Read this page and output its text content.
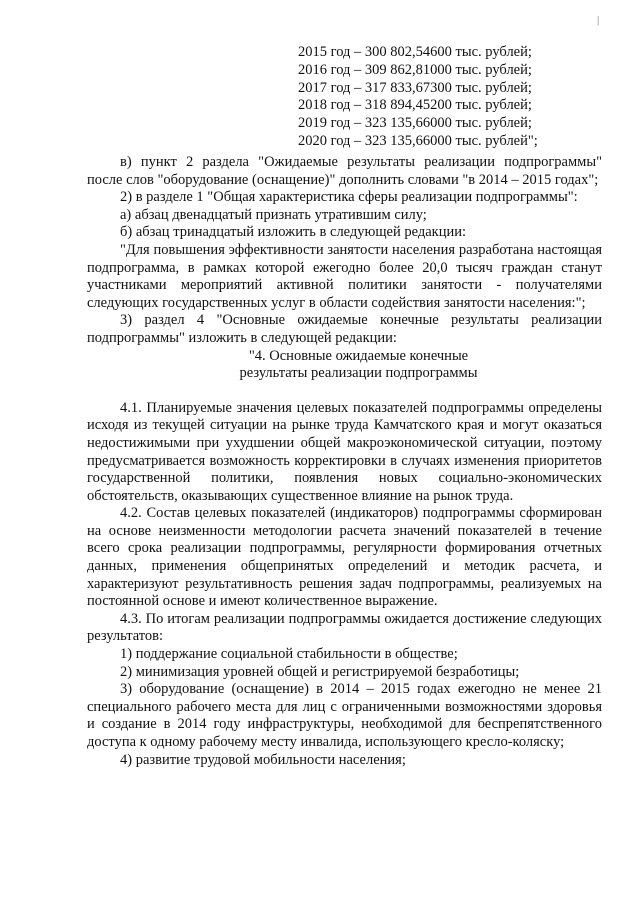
|
2015 год – 300 802,54600 тыс. рублей;
2016 год – 309 862,81000 тыс. рублей;
2017 год – 317 833,67300 тыс. рублей;
2018 год – 318 894,45200 тыс. рублей;
2019 год – 323 135,66000 тыс. рублей;
2020 год – 323 135,66000 тыс. рублей";

в) пункт 2 раздела "Ожидаемые результаты реализации подпрограммы" после слов "оборудование (оснащение)" дополнить словами "в 2014 – 2015 годах";

2) в разделе 1 "Общая характеристика сферы реализации подпрограммы":

а) абзац двенадцатый признать утратившим силу;

б) абзац тринадцатый изложить в следующей редакции:

"Для повышения эффективности занятости населения разработана настоящая подпрограмма, в рамках которой ежегодно более 20,0 тысяч граждан станут участниками мероприятий активной политики занятости - получателями следующих государственных услуг в области содействия занятости населения:";

3) раздел 4 "Основные ожидаемые конечные результаты реализации подпрограммы" изложить в следующей редакции:

"4. Основные ожидаемые конечные

результаты реализации подпрограммы

4.1. Планируемые значения целевых показателей подпрограммы определены исходя из текущей ситуации на рынке труда Камчатского края и могут оказаться недостижимыми при ухудшении общей макроэкономической ситуации, поэтому предусматривается возможность корректировки в случаях изменения приоритетов государственной политики, появления новых социально-экономических обстоятельств, оказывающих существенное влияние на рынок труда.

4.2. Состав целевых показателей (индикаторов) подпрограммы сформирован на основе неизменности методологии расчета значений показателей в течение всего срока реализации подпрограммы, регулярности формирования отчетных данных, применения общепринятых определений и методик расчета, и характеризуют результативность решения задач подпрограммы, реализуемых на постоянной основе и имеют количественное выражение.

4.3. По итогам реализации подпрограммы ожидается достижение следующих результатов:

1) поддержание социальной стабильности в обществе;

2) минимизация уровней общей и регистрируемой безработицы;

3) оборудование (оснащение) в 2014 – 2015 годах ежегодно не менее 21 специального рабочего места для лиц с ограниченными возможностями здоровья и создание в 2014 году инфраструктуры, необходимой для беспрепятственного доступа к одному рабочему месту инвалида, использующего кресло-коляску;

4) развитие трудовой мобильности населения;
